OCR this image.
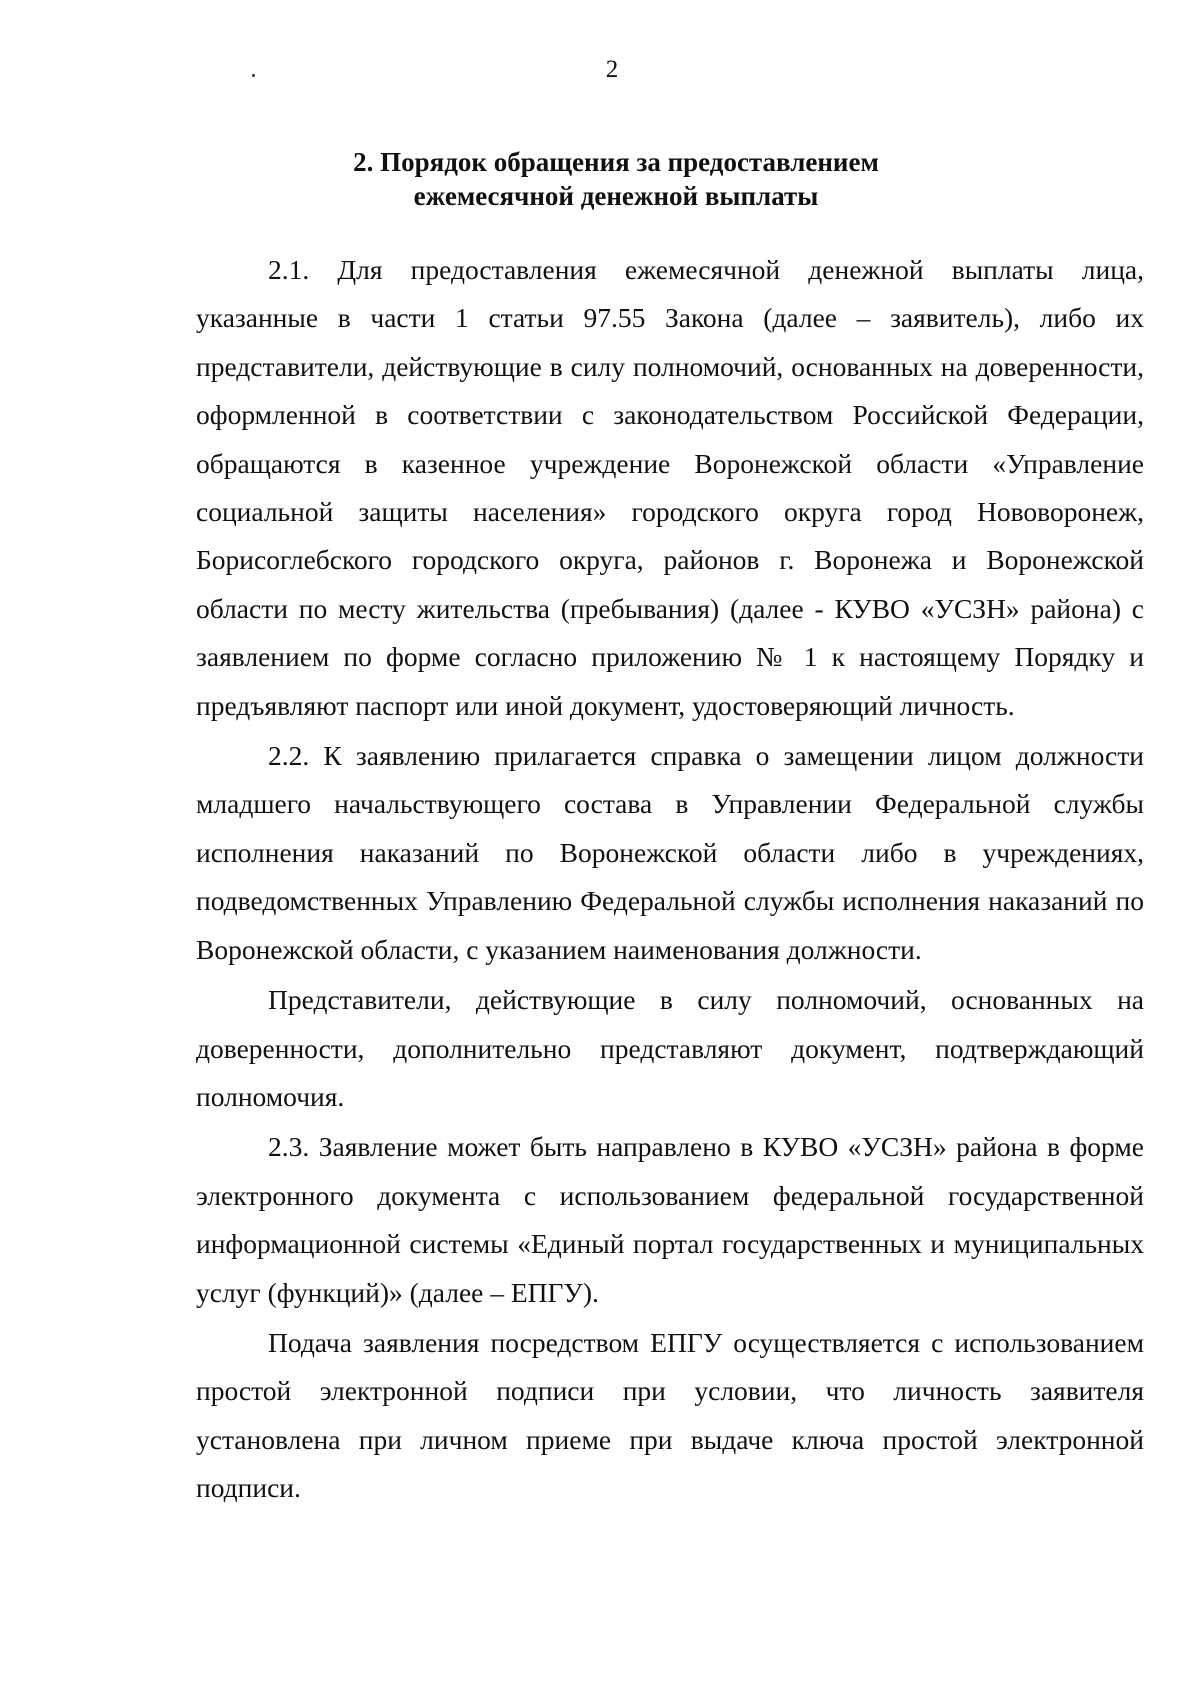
2
2. Порядок обращения за предоставлением
ежемесячной денежной выплаты

2.1. Для предоставления ежемесячной денежной выплаты лица, указанные в части 1 статьи 97.55 Закона (далее – заявитель), либо их представители, действующие в силу полномочий, основанных на доверенности, оформленной в соответствии с законодательством Российской Федерации, обращаются в казенное учреждение Воронежской области «Управление социальной защиты населения» городского округа город Нововоронеж, Борисоглебского городского округа, районов г. Воронежа и Воронежской области по месту жительства (пребывания) (далее - КУВО «УСЗН» района) с заявлением по форме согласно приложению № 1 к настоящему Порядку и предъявляют паспорт или иной документ, удостоверяющий личность.

2.2. К заявлению прилагается справка о замещении лицом должности младшего начальствующего состава в Управлении Федеральной службы исполнения наказаний по Воронежской области либо в учреждениях, подведомственных Управлению Федеральной службы исполнения наказаний по Воронежской области, с указанием наименования должности.

Представители, действующие в силу полномочий, основанных на доверенности, дополнительно представляют документ, подтверждающий полномочия.

2.3. Заявление может быть направлено в КУВО «УСЗН» района в форме электронного документа с использованием федеральной государственной информационной системы «Единый портал государственных и муниципальных услуг (функций)» (далее – ЕПГУ).

Подача заявления посредством ЕПГУ осуществляется с использованием простой электронной подписи при условии, что личность заявителя установлена при личном приеме при выдаче ключа простой электронной подписи.
